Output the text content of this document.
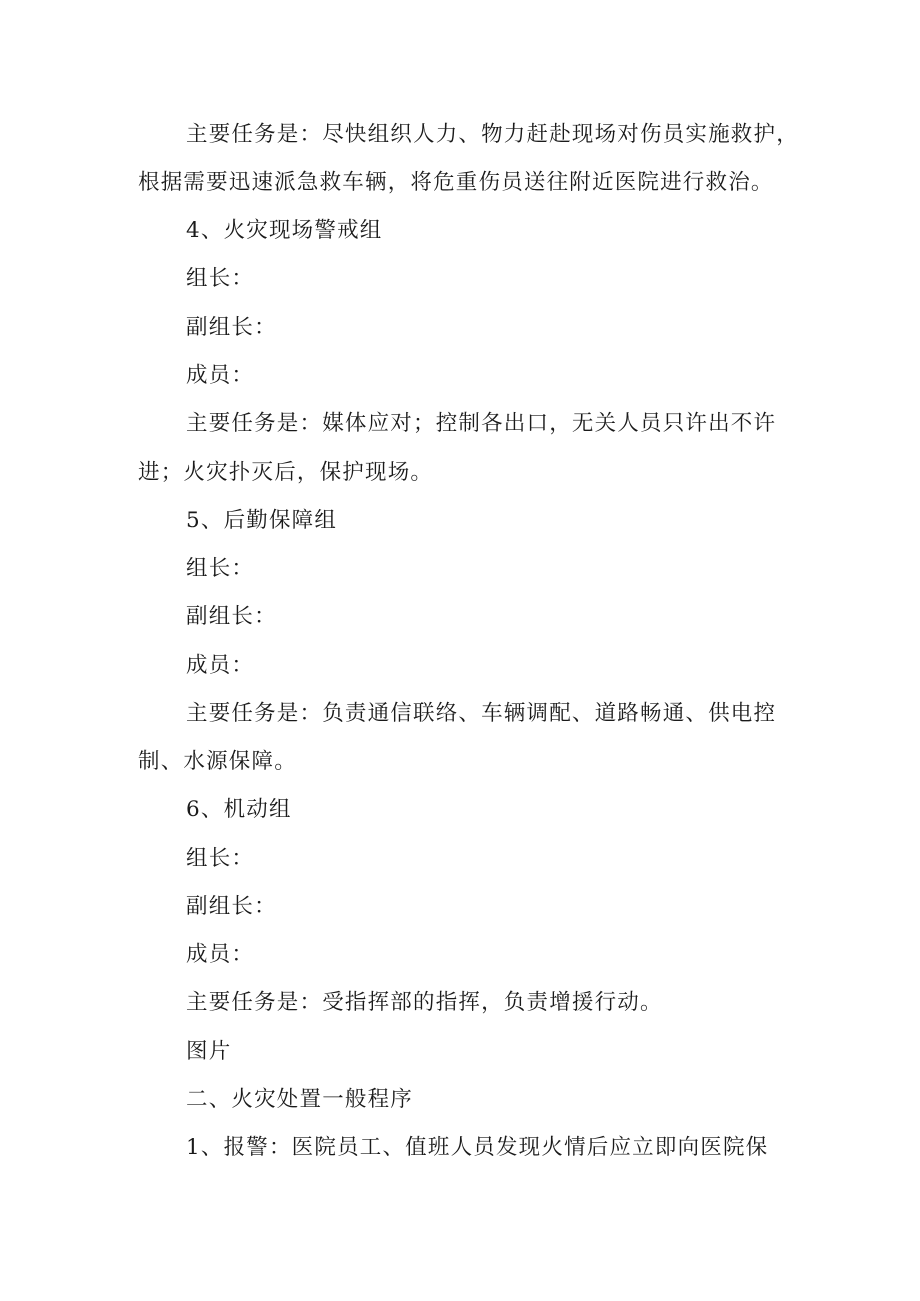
主要任务是：尽快组织人力、物力赶赴现场对伤员实施救护，
根据需要迅速派急救车辆，将危重伤员送往附近医院进行救治。
4、火灾现场警戒组
组长：
副组长：
成员：
主要任务是：媒体应对；控制各出口，无关人员只许出不许
进；火灾扑灭后，保护现场。
5、后勤保障组
组长：
副组长：
成员：
主要任务是：负责通信联络、车辆调配、道路畅通、供电控
制、水源保障。
6、机动组
组长：
副组长：
成员：
主要任务是：受指挥部的指挥，负责增援行动。
图片
二、火灾处置一般程序
1、报警：医院员工、值班人员发现火情后应立即向医院保
